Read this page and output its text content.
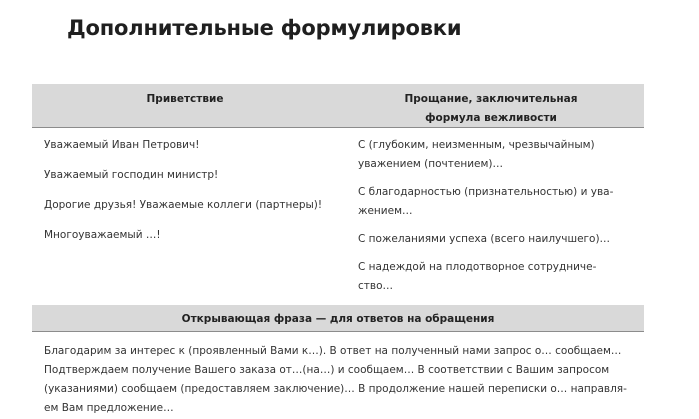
Дополнительные формулировки
Приветствие	Прощание, заключительная
формула вежливости
Уважаемый Иван Петрович!
Уважаемый господин министр!
Дорогие друзья! Уважаемые коллеги (партнеры)!
Многоуважаемый …!
С (глубоким, неизменным, чрезвычайным)
уважением (почтением)…
С благодарностью (признательностью) и ува-
жением…
С пожеланиями успеха (всего наилучшего)…
С надеждой на плодотворное сотрудниче-
ство…
Открывающая фраза — для ответов на обращения
Благодарим за интерес к (проявленный Вами к…). В ответ на полученный нами запрос о… сообщаем…
Подтверждаем получение Вашего заказа от…(на…) и сообщаем… В соответствии с Вашим запросом
(указаниями) сообщаем (предоставляем заключение)… В продолжение нашей переписки о… направля-
ем Вам предложение…
